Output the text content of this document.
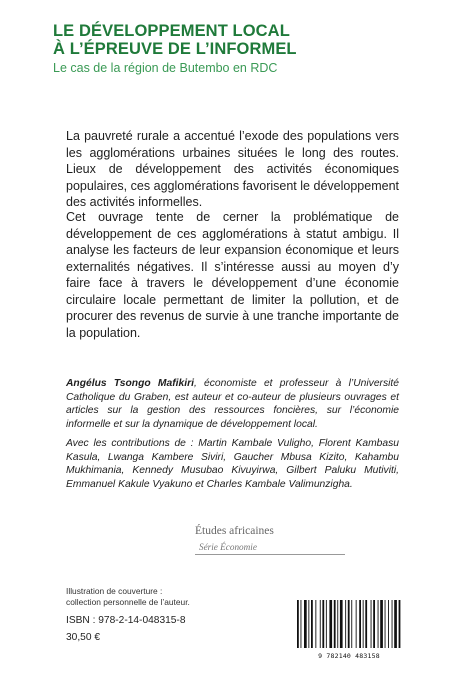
LE DÉVELOPPEMENT LOCAL
À L’ÉPREUVE DE L’INFORMEL
Le cas de la région de Butembo en RDC
La pauvreté rurale a accentué l’exode des populations vers les agglomérations urbaines situées le long des routes. Lieux de développement des activités économiques populaires, ces agglomérations favorisent le développement des activités informelles.
Cet ouvrage tente de cerner la problématique de développement de ces agglomérations à statut ambigu. Il analyse les facteurs de leur expansion économique et leurs externalités négatives. Il s’intéresse aussi au moyen d’y faire face à travers le développement d’une économie circulaire locale permettant de limiter la pollution, et de procurer des revenus de survie à une tranche importante de la population.
Angélus Tsongo Mafikiri, économiste et professeur à l’Université Catholique du Graben, est auteur et co-auteur de plusieurs ouvrages et articles sur la gestion des ressources foncières, sur l’économie informelle et sur la dynamique de développement local.
Avec les contributions de : Martin Kambale Vuligho, Florent Kambasu Kasula, Lwanga Kambere Siviri, Gaucher Mbusa Kizito, Kahambu Mukhimania, Kennedy Musubao Kivuyirwa, Gilbert Paluku Mutiviti, Emmanuel Kakule Vyakuno et Charles Kambale Valimunzigha.
Études africaines
Série Économie
Illustration de couverture :
collection personnelle de l’auteur.
ISBN : 978-2-14-048315-8
30,50 €
9 782140 483158
